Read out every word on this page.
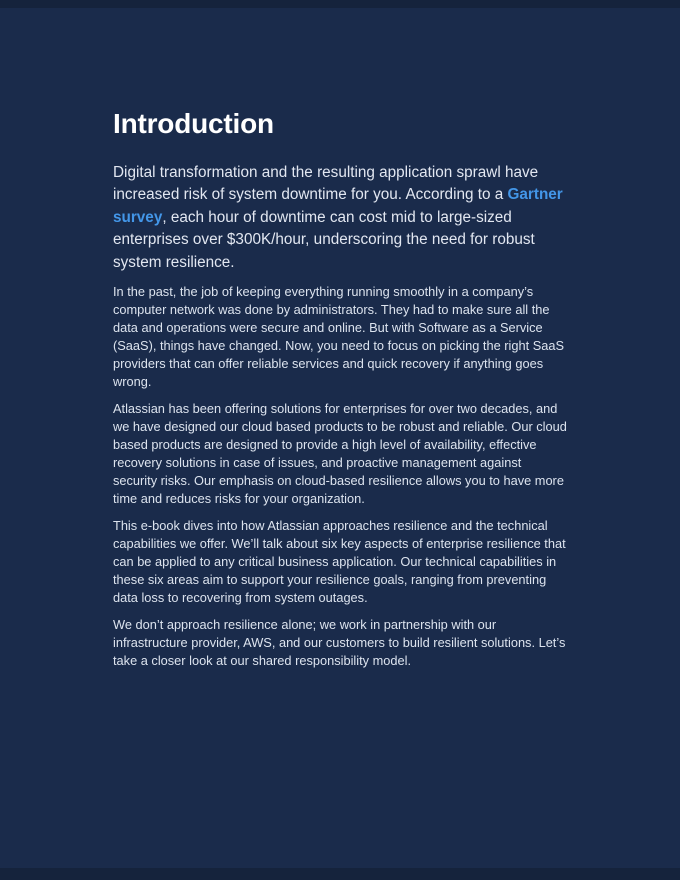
Introduction

Digital transformation and the resulting application sprawl have increased risk of system downtime for you. According to a Gartner survey, each hour of downtime can cost mid to large-sized enterprises over $300K/hour, underscoring the need for robust system resilience.

In the past, the job of keeping everything running smoothly in a company’s computer network was done by administrators. They had to make sure all the data and operations were secure and online. But with Software as a Service (SaaS), things have changed. Now, you need to focus on picking the right SaaS providers that can offer reliable services and quick recovery if anything goes wrong.

Atlassian has been offering solutions for enterprises for over two decades, and we have designed our cloud based products to be robust and reliable. Our cloud based products are designed to provide a high level of availability, effective recovery solutions in case of issues, and proactive management against security risks. Our emphasis on cloud-based resilience allows you to have more time and reduces risks for your organization.

This e-book dives into how Atlassian approaches resilience and the technical capabilities we offer. We’ll talk about six key aspects of enterprise resilience that can be applied to any critical business application. Our technical capabilities in these six areas aim to support your resilience goals, ranging from preventing data loss to recovering from system outages.

We don’t approach resilience alone; we work in partnership with our infrastructure provider, AWS, and our customers to build resilient solutions. Let’s take a closer look at our shared responsibility model.
